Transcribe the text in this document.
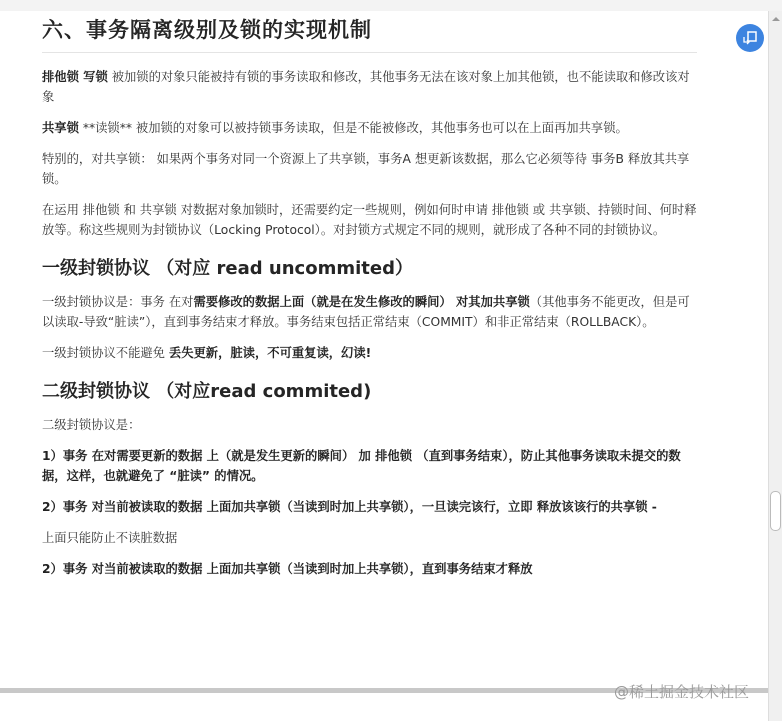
六、事务隔离级别及锁的实现机制

排他锁 写锁 被加锁的对象只能被持有锁的事务读取和修改，其他事务无法在该对象上加其他锁，也不能读取和修改该对象

共享锁 **读锁** 被加锁的对象可以被持锁事务读取，但是不能被修改，其他事务也可以在上面再加共享锁。

特别的，对共享锁： 如果两个事务对同一个资源上了共享锁，事务A 想更新该数据，那么它必须等待 事务B 释放其共享锁。

在运用 排他锁 和 共享锁 对数据对象加锁时，还需要约定一些规则，例如何时申请 排他锁 或 共享锁、持锁时间、何时释放等。称这些规则为封锁协议（Locking Protocol）。对封锁方式规定不同的规则，就形成了各种不同的封锁协议。

一级封锁协议 （对应 read uncommited）

一级封锁协议是：事务 在对需要修改的数据上面（就是在发生修改的瞬间） 对其加共享锁（其他事务不能更改，但是可以读取-导致“脏读”），直到事务结束才释放。事务结束包括正常结束（COMMIT）和非正常结束（ROLLBACK）。

一级封锁协议不能避免 丢失更新，脏读，不可重复读，幻读!

二级封锁协议 （对应read commited)

二级封锁协议是：

1）事务 在对需要更新的数据 上（就是发生更新的瞬间） 加 排他锁 （直到事务结束），防止其他事务读取未提交的数据，这样，也就避免了 “脏读” 的情况。

2）事务 对当前被读取的数据 上面加共享锁（当读到时加上共享锁），一旦读完该行，立即 释放该该行的共享锁 -

上面只能防止不读脏数据

2）事务 对当前被读取的数据 上面加共享锁（当读到时加上共享锁），直到事务结束才释放

@稀土掘金技术社区
